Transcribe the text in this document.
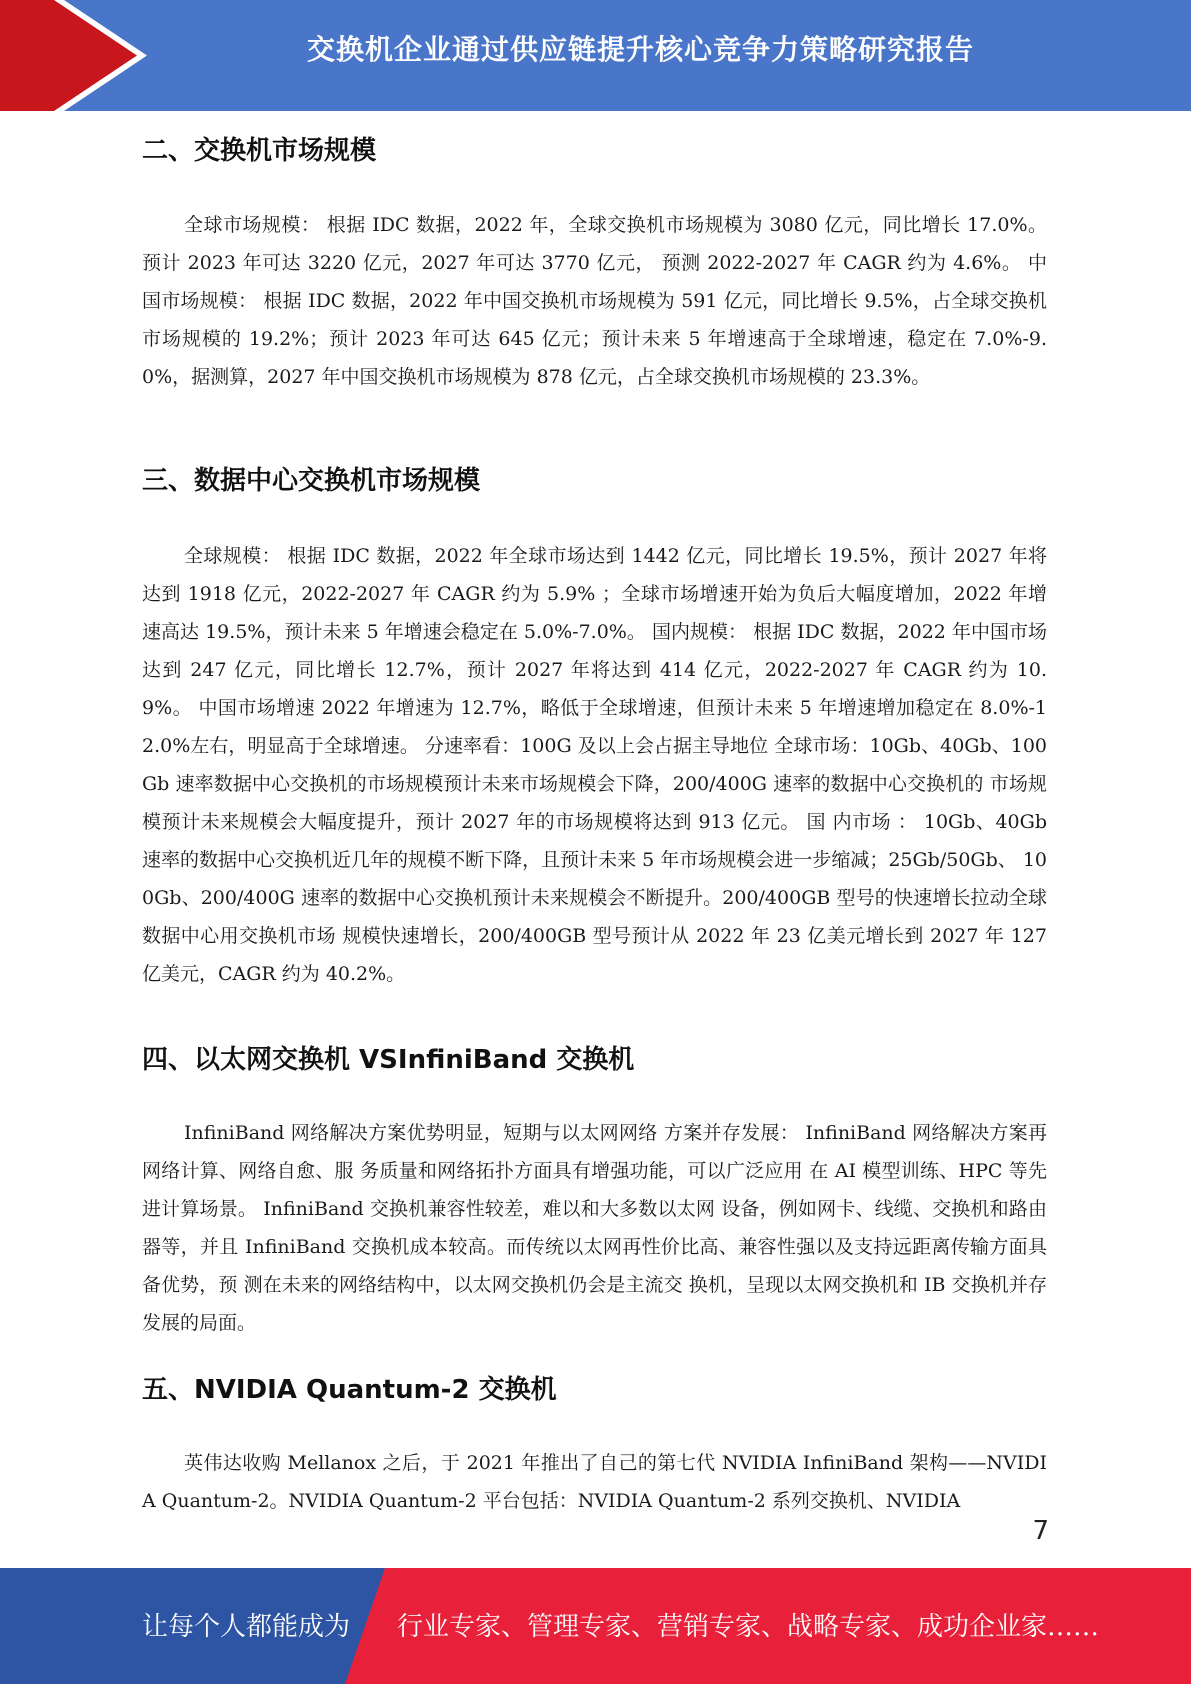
交换机企业通过供应链提升核心竞争力策略研究报告
二、交换机市场规模

全球市场规模： 根据 IDC 数据，2022 年，全球交换机市场规模为 3080 亿元，同比增长 17.0%。预计 2023 年可达 3220 亿元，2027 年可达 3770 亿元， 预测 2022-2027 年 CAGR 约为 4.6%。 中国市场规模： 根据 IDC 数据，2022 年中国交换机市场规模为 591 亿元，同比增长 9.5%，占全球交换机市场规模的 19.2%；预计 2023 年可达 645 亿元；预计未来 5 年增速高于全球增速，稳定在 7.0%-9.0%，据测算，2027 年中国交换机市场规模为 878 亿元，占全球交换机市场规模的 23.3%。

三、数据中心交换机市场规模

全球规模： 根据 IDC 数据，2022 年全球市场达到 1442 亿元，同比增长 19.5%，预计 2027 年将达到 1918 亿元，2022-2027 年 CAGR 约为 5.9% ；全球市场增速开始为负后大幅度增加，2022 年增速高达 19.5%，预计未来 5 年增速会稳定在 5.0%-7.0%。 国内规模： 根据 IDC 数据，2022 年中国市场达到 247 亿元，同比增长 12.7%，预计 2027 年将达到 414 亿元，2022-2027 年 CAGR 约为 10.9%。 中国市场增速 2022 年增速为 12.7%，略低于全球增速，但预计未来 5 年增速增加稳定在 8.0%-12.0%左右，明显高于全球增速。 分速率看：100G 及以上会占据主导地位 全球市场：10Gb、40Gb、100Gb 速率数据中心交换机的市场规模预计未来市场规模会下降，200/400G 速率的数据中心交换机的 市场规模预计未来规模会大幅度提升，预计 2027 年的市场规模将达到 913 亿元。 国 内市场 ： 10Gb、40Gb 速率的数据中心交换机近几年的规模不断下降，且预计未来 5 年市场规模会进一步缩减；25Gb/50Gb、 100Gb、200/400G 速率的数据中心交换机预计未来规模会不断提升。200/400GB 型号的快速增长拉动全球数据中心用交换机市场 规模快速增长，200/400GB 型号预计从 2022 年 23 亿美元增长到 2027 年 127 亿美元，CAGR 约为 40.2%。

四、以太网交换机 VSInfiniBand 交换机

InfiniBand 网络解决方案优势明显，短期与以太网网络 方案并存发展： InfiniBand 网络解决方案再网络计算、网络自愈、服 务质量和网络拓扑方面具有增强功能，可以广泛应用 在 AI 模型训练、HPC 等先进计算场景。 InfiniBand 交换机兼容性较差，难以和大多数以太网 设备，例如网卡、线缆、交换机和路由器等，并且 InfiniBand 交换机成本较高。而传统以太网再性价比高、兼容性强以及支持远距离传输方面具备优势，预 测在未来的网络结构中，以太网交换机仍会是主流交 换机，呈现以太网交换机和 IB 交换机并存发展的局面。

五、NVIDIA Quantum-2 交换机

英伟达收购 Mellanox 之后，于 2021 年推出了自己的第七代 NVIDIA InfiniBand 架构——NVIDIA Quantum-2。NVIDIA Quantum-2 平台包括：NVIDIA Quantum-2 系列交换机、NVIDIA

7
让每个人都能成为 行业专家、管理专家、营销专家、战略专家、成功企业家……
